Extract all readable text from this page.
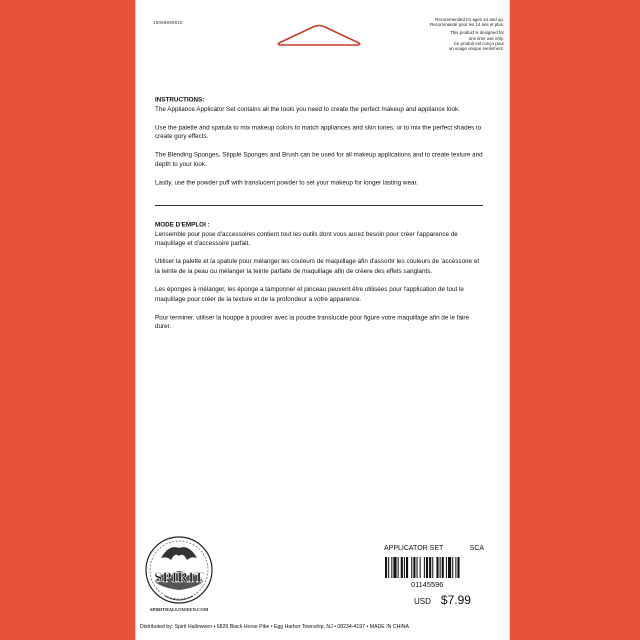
16068899810

Recommended for ages 14 and up.
Recommandé pour les 14 ans et plus.

This product is designed for
one time use only.
Ce produit est conçu pour
un usage unique seulement.

INSTRUCTIONS:

The Appliance Applicator Set contains all the tools you need to create the perfect makeup and appliance look.

Use the palette and spatula to mix makeup colors to match appliances and skin tones, or to mix the perfect shades to create gory effects.

The Blending Sponges, Stipple Sponges and Brush can be used for all makeup applications and to create texture and depth to your look.

Lastly, use the powder puff with translucent powder to set your makeup for longer lasting wear.

MODE D'EMPLOI :

Lensemble pour pose d'accessoires contient tout les outils dont vous aurez besoin pour créer l'apparence de maquillage et d'accessoire parfait.

Utiliser la palette et la spatule pour mélanger les couleurs de maquillage afin d'assortir les couleurs de 'accessoire et la teinte de la peau ou mélanger la teinte parfaite de maquillage afin de créere des effets sanglants.

Les éponges à mélanger, les éponge a tamponner et pinceau peuvent être utilisées pour l'application de tout le maquillage pour créer de la texture et de la profondeur a votre apparence.

Pour terminer, utiliser la houppe à poudrer avec la poudre translucide pour figure votre maquillage afin de le faire durer.

SPIRIT
SPIRITHALLOWEEN.COM
APPLICATOR SET	SCA
01145596
USD $7.99
Distributed by: Spirit Halloween • 6826 Black Horse Pike • Egg Harbor Township, NJ • 08234-4197 • MADE IN CHINA
